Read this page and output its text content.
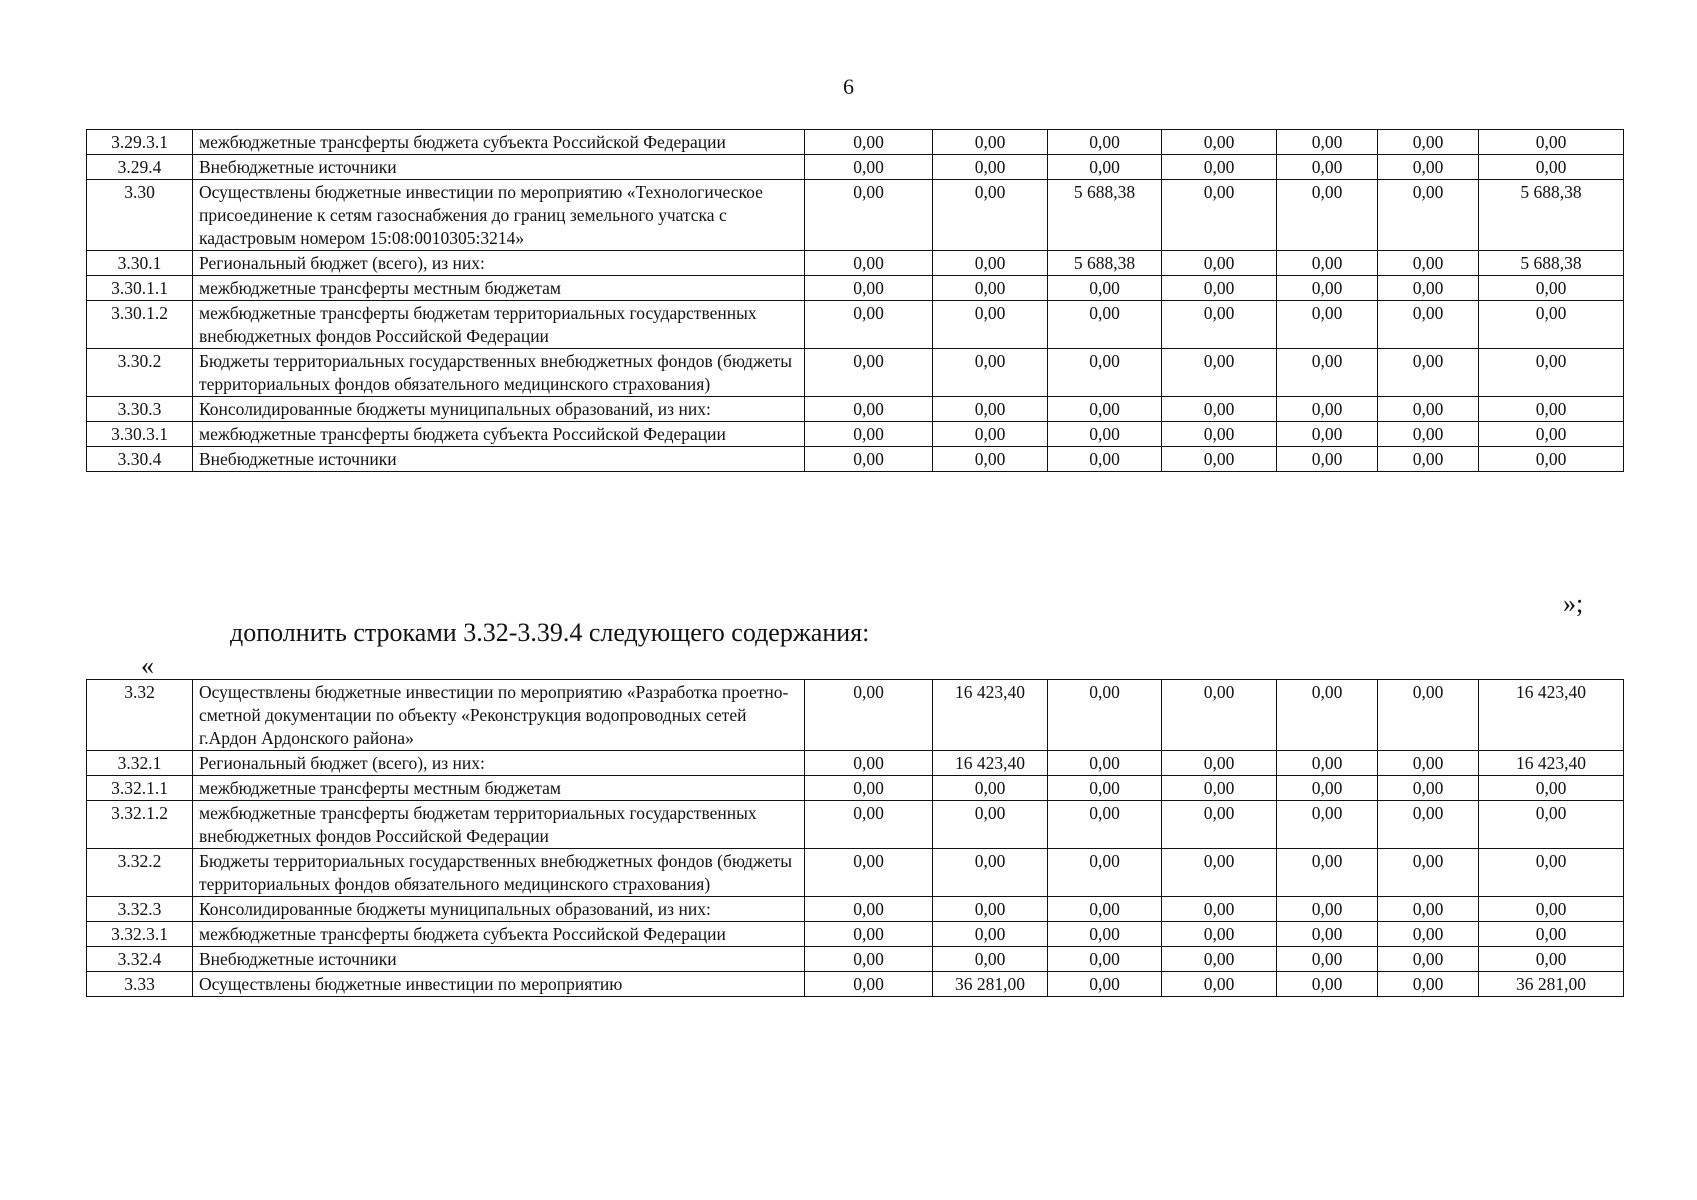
6
3.29.3.1	межбюджетные трансферты бюджета субъекта Российской Федерации	0,00	0,00	0,00	0,00	0,00	0,00	0,00
3.29.4	Внебюджетные источники	0,00	0,00	0,00	0,00	0,00	0,00	0,00
3.30	Осуществлены бюджетные инвестиции по мероприятию «Технологическое присоединение к сетям газоснабжения до границ земельного учатска с кадастровым номером 15:08:0010305:3214»	0,00	0,00	5 688,38	0,00	0,00	0,00	5 688,38
3.30.1	Региональный бюджет (всего), из них:	0,00	0,00	5 688,38	0,00	0,00	0,00	5 688,38
3.30.1.1	межбюджетные трансферты местным бюджетам	0,00	0,00	0,00	0,00	0,00	0,00	0,00
3.30.1.2	межбюджетные трансферты бюджетам территориальных государственных внебюджетных фондов Российской Федерации	0,00	0,00	0,00	0,00	0,00	0,00	0,00
3.30.2	Бюджеты территориальных государственных внебюджетных фондов (бюджеты территориальных фондов обязательного медицинского страхования)	0,00	0,00	0,00	0,00	0,00	0,00	0,00
3.30.3	Консолидированные бюджеты муниципальных образований, из них:	0,00	0,00	0,00	0,00	0,00	0,00	0,00
3.30.3.1	межбюджетные трансферты бюджета субъекта Российской Федерации	0,00	0,00	0,00	0,00	0,00	0,00	0,00
3.30.4	Внебюджетные источники	0,00	0,00	0,00	0,00	0,00	0,00	0,00
»;
дополнить строками 3.32-3.39.4 следующего содержания:
«
3.32	Осуществлены бюджетные инвестиции по мероприятию «Разработка проетно-сметной документации по объекту «Реконструкция водопроводных сетей г.Ардон Ардонского района»	0,00	16 423,40	0,00	0,00	0,00	0,00	16 423,40
3.32.1	Региональный бюджет (всего), из них:	0,00	16 423,40	0,00	0,00	0,00	0,00	16 423,40
3.32.1.1	межбюджетные трансферты местным бюджетам	0,00	0,00	0,00	0,00	0,00	0,00	0,00
3.32.1.2	межбюджетные трансферты бюджетам территориальных государственных внебюджетных фондов Российской Федерации	0,00	0,00	0,00	0,00	0,00	0,00	0,00
3.32.2	Бюджеты территориальных государственных внебюджетных фондов (бюджеты территориальных фондов обязательного медицинского страхования)	0,00	0,00	0,00	0,00	0,00	0,00	0,00
3.32.3	Консолидированные бюджеты муниципальных образований, из них:	0,00	0,00	0,00	0,00	0,00	0,00	0,00
3.32.3.1	межбюджетные трансферты бюджета субъекта Российской Федерации	0,00	0,00	0,00	0,00	0,00	0,00	0,00
3.32.4	Внебюджетные источники	0,00	0,00	0,00	0,00	0,00	0,00	0,00
3.33	Осуществлены бюджетные инвестиции по мероприятию	0,00	36 281,00	0,00	0,00	0,00	0,00	36 281,00
